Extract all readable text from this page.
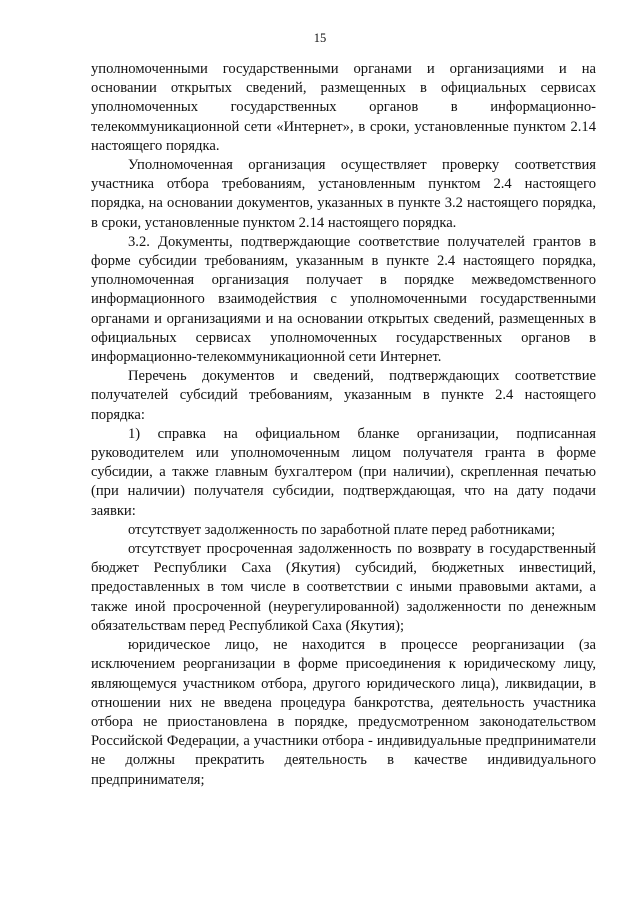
15

уполномоченными государственными органами и организациями и на основании открытых сведений, размещенных в официальных сервисах уполномоченных государственных органов в информационно-телекоммуникационной сети «Интернет», в сроки, установленные пунктом 2.14 настоящего порядка.

Уполномоченная организация осуществляет проверку соответствия участника отбора требованиям, установленным пунктом 2.4 настоящего порядка, на основании документов, указанных в пункте 3.2 настоящего порядка, в сроки, установленные пунктом 2.14 настоящего порядка.

3.2. Документы, подтверждающие соответствие получателей грантов в форме субсидии требованиям, указанным в пункте 2.4 настоящего порядка, уполномоченная организация получает в порядке межведомственного информационного взаимодействия с уполномоченными государственными органами и организациями и на основании открытых сведений, размещенных в официальных сервисах уполномоченных государственных органов в информационно-телекоммуникационной сети Интернет.

Перечень документов и сведений, подтверждающих соответствие получателей субсидий требованиям, указанным в пункте 2.4 настоящего порядка:

1) справка на официальном бланке организации, подписанная руководителем или уполномоченным лицом получателя гранта в форме субсидии, а также главным бухгалтером (при наличии), скрепленная печатью (при наличии) получателя субсидии, подтверждающая, что на дату подачи заявки:

отсутствует задолженность по заработной плате перед работниками;

отсутствует просроченная задолженность по возврату в государственный бюджет Республики Саха (Якутия) субсидий, бюджетных инвестиций, предоставленных в том числе в соответствии с иными правовыми актами, а также иной просроченной (неурегулированной) задолженности по денежным обязательствам перед Республикой Саха (Якутия);

юридическое лицо, не находится в процессе реорганизации (за исключением реорганизации в форме присоединения к юридическому лицу, являющемуся участником отбора, другого юридического лица), ликвидации, в отношении них не введена процедура банкротства, деятельность участника отбора не приостановлена в порядке, предусмотренном законодательством Российской Федерации, а участники отбора - индивидуальные предприниматели не должны прекратить деятельность в качестве индивидуального предпринимателя;
